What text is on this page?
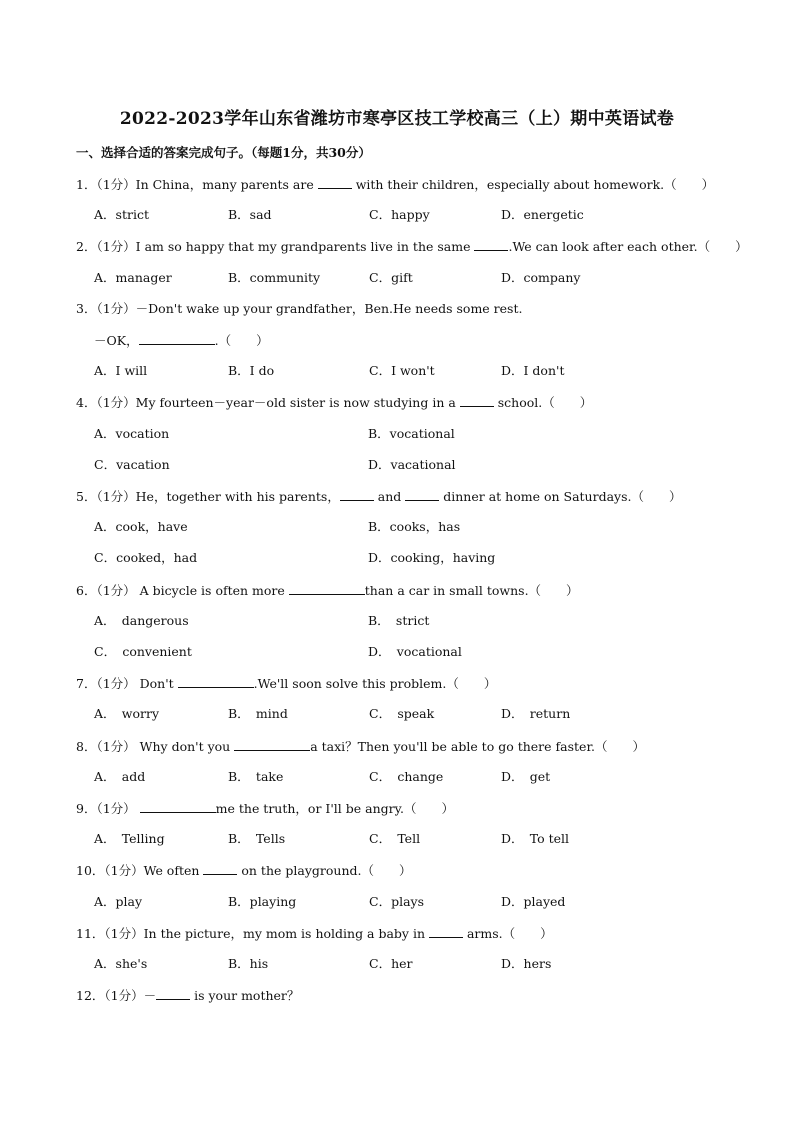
2022-2023学年山东省潍坊市寒亭区技工学校高三（上）期中英语试卷
一、选择合适的答案完成句子。（每题1分，共30分）
1．（1分）In China，many parents are	with their children，especially about homework.（　　）
A．strict	B．sad	C．happy	D．energetic
2．（1分）I am so happy that my grandparents live in the same	.We can look after each other.（　　）
A．manager	B．community	C．gift	D．company
3．（1分）－Don't wake up your grandfather，Ben.He needs some rest.
－OK，	.（　　）
A．I will	B．I do	C．I won't	D．I don't
4．（1分）My fourteen－year－old sister is now studying in a	school.（　　）
A．vocation	B．vocational
C．vacation	D．vacational
5．（1分）He，together with his parents，	and	dinner at home on Saturdays.（　　）
A．cook，have	B．cooks，has
C．cooked，had	D．cooking，having
6．（1分） A bicycle is often more	than a car in small towns.（　　）
A．　dangerous	B．　strict
C．　convenient	D．　vocational
7．（1分） Don't	.We'll soon solve this problem.（　　）
A．　worry	B．　mind	C．　speak	D．　return
8．（1分） Why don't you	a taxi？Then you'll be able to go there faster.（　　）
A．　add	B．　take	C．　change	D．　get
9．（1分）	me the truth，or I'll be angry.（　　）
A．　Telling	B．　Tells	C．　Tell	D．　To tell
10．（1分）We often	on the playground.（　　）
A．play	B．playing	C．plays	D．played
11．（1分）In the picture，my mom is holding a baby in	arms.（　　）
A．she's	B．his	C．her	D．hers
12．（1分）－	is your mother？
